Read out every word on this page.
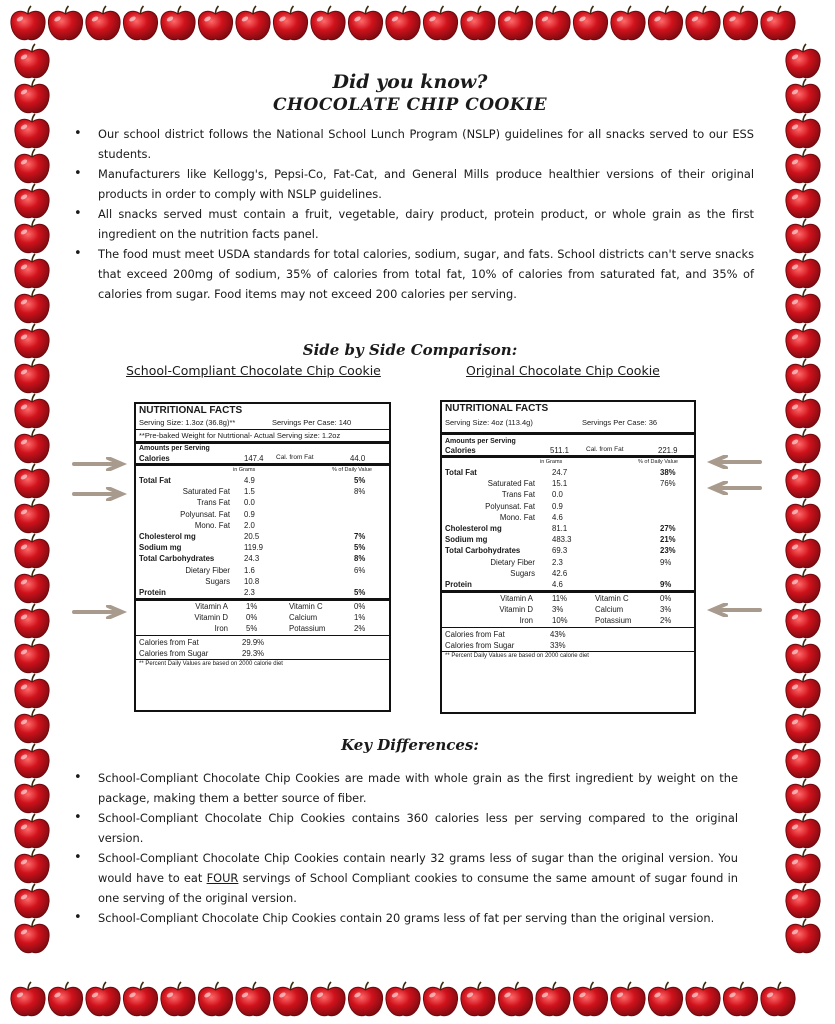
Did you know?
CHOCOLATE CHIP COOKIE
• Our school district follows the National School Lunch Program (NSLP) guidelines for all snacks served to our ESS students.
• Manufacturers like Kellogg's, Pepsi-Co, Fat-Cat, and General Mills produce healthier versions of their original products in order to comply with NSLP guidelines.
• All snacks served must contain a fruit, vegetable, dairy product, protein product, or whole grain as the first ingredient on the nutrition facts panel.
• The food must meet USDA standards for total calories, sodium, sugar, and fats. School districts can't serve snacks that exceed 200mg of sodium, 35% of calories from total fat, 10% of calories from saturated fat, and 35% of calories from sugar. Food items may not exceed 200 calories per serving.
Side by Side Comparison:
School-Compliant Chocolate Chip Cookie	Original Chocolate Chip Cookie
NUTRITIONAL FACTS
Serving Size: 1.3oz (36.8g)**	Servings Per Case: 140
**Pre-baked Weight for Nutrtional- Actual Serving size: 1.2oz
Amounts per Serving
Calories	147.4 Cal. from Fat	44.0
in Grams	% of Daily Value
Total Fat	4.9	5%
Saturated Fat 1.5	8%
Trans Fat 0.0
Polyunsat. Fat 0.9
Mono. Fat 2.0
Cholesterol mg	20.5	7%
Sodium mg	119.9	5%
Total Carbohydrates	24.3	8%
Dietary Fiber 1.6	6%
Sugars 10.8
Protein	2.3	5%
Vitamin A 1%	Vitamin C	0%
Vitamin D 0%	Calcium	1%
Iron 5%	Potassium	2%
Calories from Fat	29.9%
Calories from Sugar	29.3%
** Percent Daily Values are based on 2000 calorie diet
NUTRITIONAL FACTS
Serving Size: 4oz (113.4g)	Servings Per Case: 36
Amounts per Serving
Calories	511.1	Cal. from Fat	221.9
in Grams	% of Daily Value
Total Fat	24.7	38%
Saturated Fat 15.1	76%
Trans Fat 0.0
Polyunsat. Fat 0.9
Mono. Fat 4.6
Cholesterol mg	81.1	27%
Sodium mg	483.3	21%
Total Carbohydrates	69.3	23%
Dietary Fiber 2.3	9%
Sugars 42.6
Protein	4.6	9%
Vitamin A 11%	Vitamin C	0%
Vitamin D 3%	Calcium	3%
Iron 10%	Potassium	2%
Calories from Fat	43%
Calories from Sugar	33%
** Percent Daily Values are based on 2000 calorie diet
Key Differences:
• School-Compliant Chocolate Chip Cookies are made with whole grain as the first ingredient by weight on the package, making them a better source of fiber.
• School-Compliant Chocolate Chip Cookies contains 360 calories less per serving compared to the original version.
• School-Compliant Chocolate Chip Cookies contain nearly 32 grams less of sugar than the original version. You would have to eat FOUR servings of School Compliant cookies to consume the same amount of sugar found in one serving of the original version.
• School-Compliant Chocolate Chip Cookies contain 20 grams less of fat per serving than the original version.
